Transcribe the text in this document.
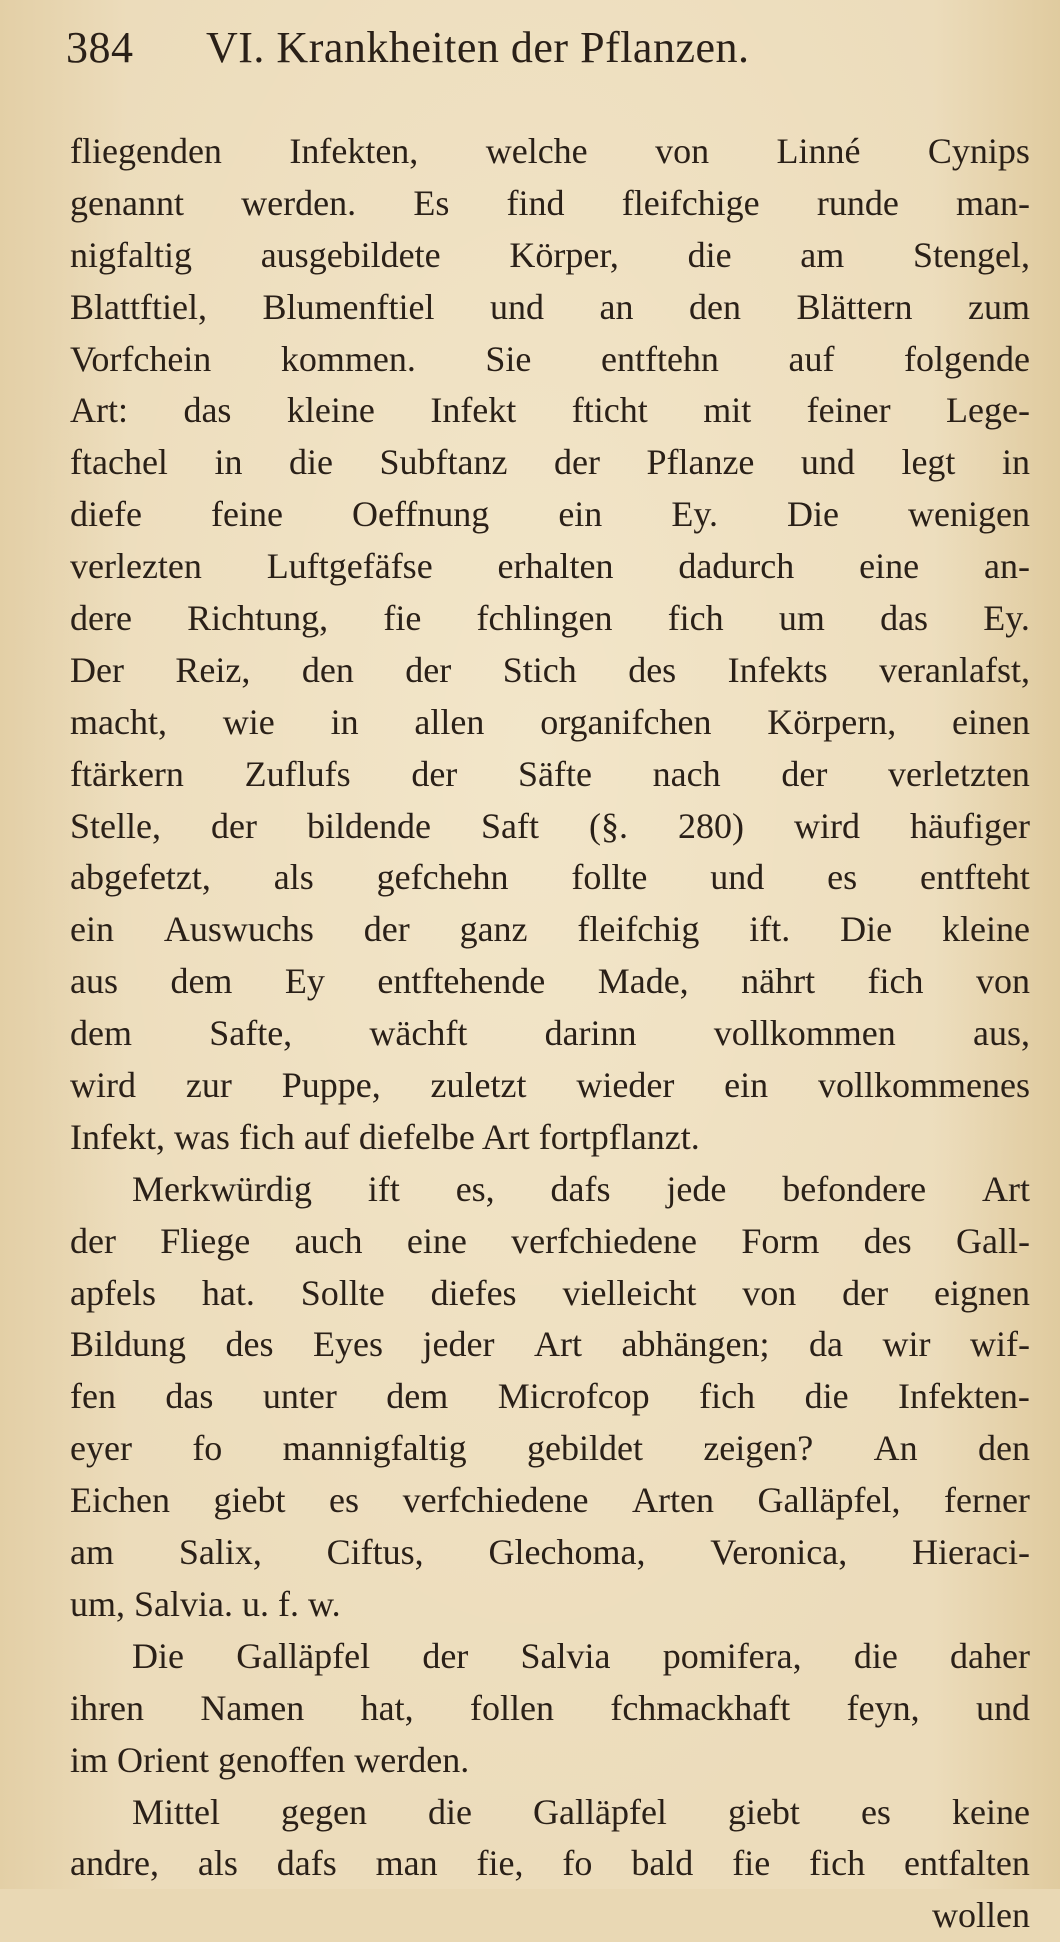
384 VI. Krankheiten der Pflanzen.
fliegenden Infekten, welche von Linné Cynips
genannt werden. Es find fleifchige runde man-
nigfaltig ausgebildete Körper, die am Stengel,
Blattftiel, Blumenftiel und an den Blättern zum
Vorfchein kommen. Sie entftehn auf folgende
Art: das kleine Infekt fticht mit feiner Lege-
ftachel in die Subftanz der Pflanze und legt in
diefe feine Oeffnung ein Ey. Die wenigen
verlezten Luftgefäfse erhalten dadurch eine an-
dere Richtung, fie fchlingen fich um das Ey.
Der Reiz, den der Stich des Infekts veranlafst,
macht, wie in allen organifchen Körpern, einen
ftärkern Zuflufs der Säfte nach der verletzten
Stelle, der bildende Saft (§. 280) wird häufiger
abgefetzt, als gefchehn follte und es entfteht
ein Auswuchs der ganz fleifchig ift. Die kleine
aus dem Ey entftehende Made, nährt fich von
dem Safte, wächft darinn vollkommen aus,
wird zur Puppe, zuletzt wieder ein vollkommenes
Infekt, was fich auf diefelbe Art fortpflanzt.
Merkwürdig ift es, dafs jede befondere Art
der Fliege auch eine verfchiedene Form des Gall-
apfels hat. Sollte diefes vielleicht von der eignen
Bildung des Eyes jeder Art abhängen; da wir wif-
fen das unter dem Microfcop fich die Infekten-
eyer fo mannigfaltig gebildet zeigen? An den
Eichen giebt es verfchiedene Arten Galläpfel, ferner
am Salix, Ciftus, Glechoma, Veronica, Hieraci-
um, Salvia. u. f. w.
Die Galläpfel der Salvia pomifera, die daher
ihren Namen hat, follen fchmackhaft feyn, und
im Orient genoffen werden.
Mittel gegen die Galläpfel giebt es keine
andre, als dafs man fie, fo bald fie fich entfalten
wollen
